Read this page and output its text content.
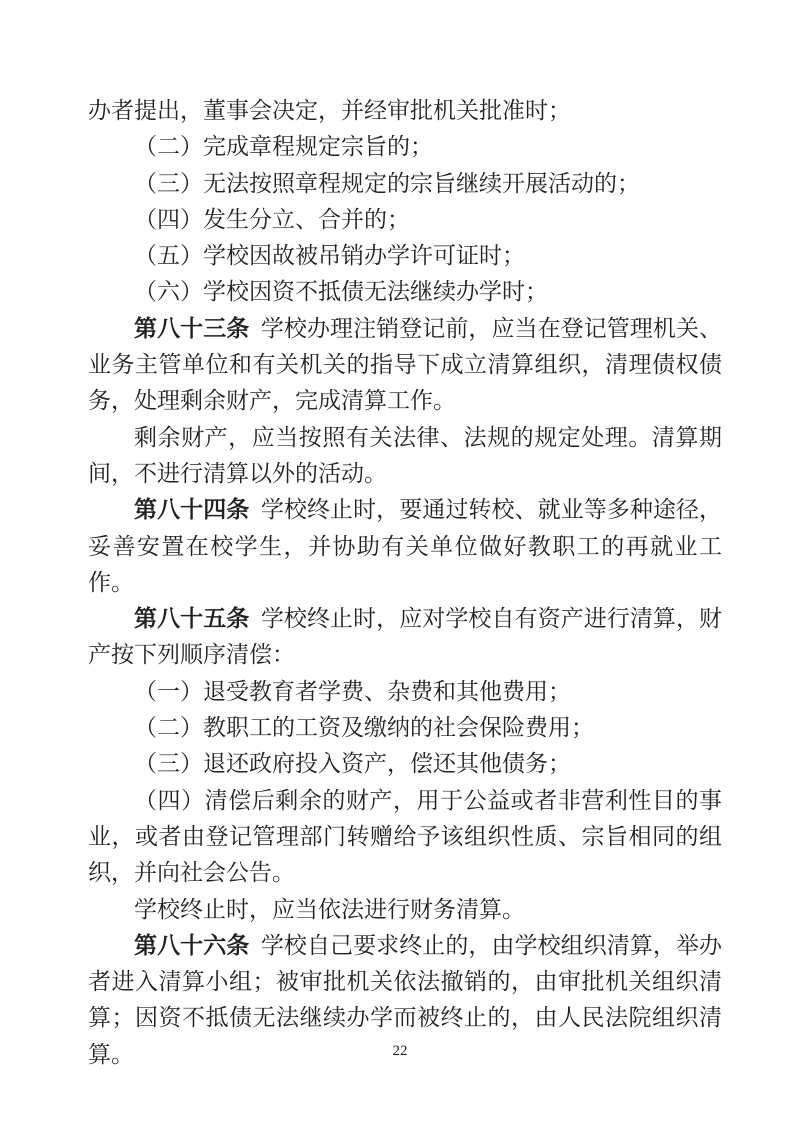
办者提出，董事会决定，并经审批机关批准时；

（二）完成章程规定宗旨的；

（三）无法按照章程规定的宗旨继续开展活动的；

（四）发生分立、合并的；

（五）学校因故被吊销办学许可证时；

（六）学校因资不抵债无法继续办学时；

第八十三条 学校办理注销登记前，应当在登记管理机关、业务主管单位和有关机关的指导下成立清算组织，清理债权债务，处理剩余财产，完成清算工作。

剩余财产，应当按照有关法律、法规的规定处理。清算期间，不进行清算以外的活动。

第八十四条 学校终止时，要通过转校、就业等多种途径，妥善安置在校学生，并协助有关单位做好教职工的再就业工作。

第八十五条 学校终止时，应对学校自有资产进行清算，财产按下列顺序清偿：

（一）退受教育者学费、杂费和其他费用；

（二）教职工的工资及缴纳的社会保险费用；

（三）退还政府投入资产，偿还其他债务；

（四）清偿后剩余的财产，用于公益或者非营利性目的事业，或者由登记管理部门转赠给予该组织性质、宗旨相同的组织，并向社会公告。

学校终止时，应当依法进行财务清算。

第八十六条 学校自己要求终止的，由学校组织清算，举办者进入清算小组；被审批机关依法撤销的，由审批机关组织清算；因资不抵债无法继续办学而被终止的，由人民法院组织清算。	22
